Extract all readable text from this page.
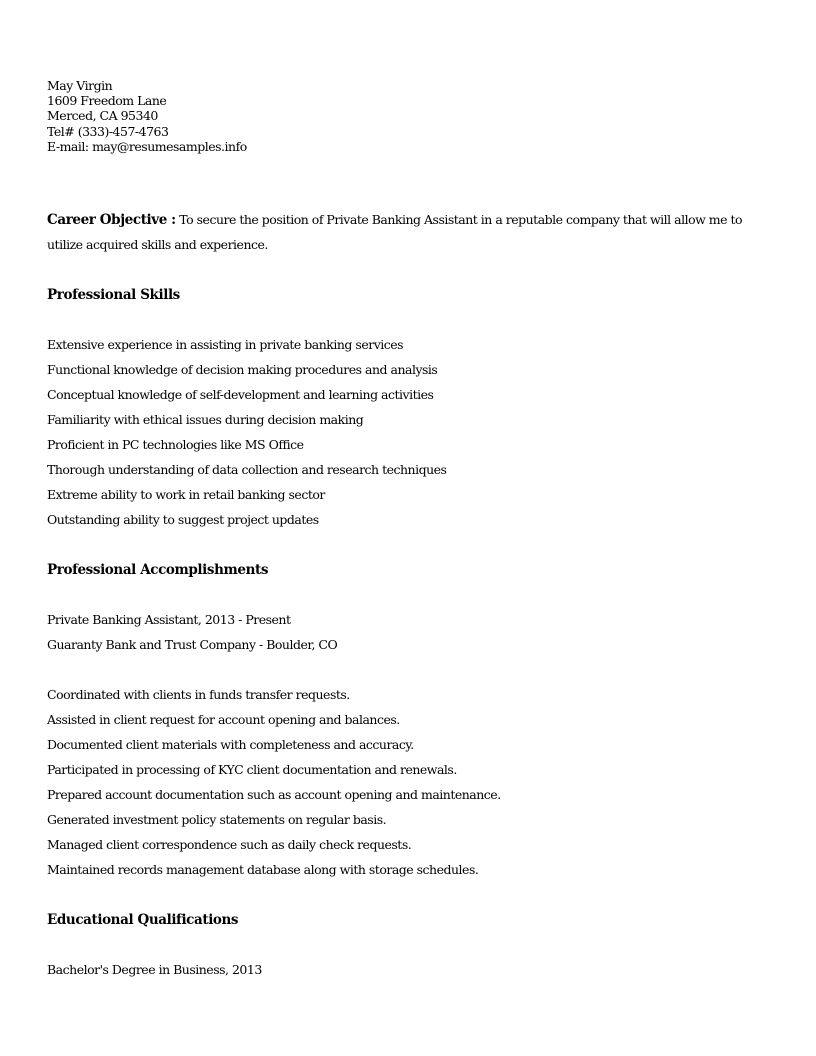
May Virgin
1609 Freedom Lane
Merced, CA 95340
Tel# (333)-457-4763
E-mail: may@resumesamples.info
Career Objective : To secure the position of Private Banking Assistant in a reputable company that will allow me to
utilize acquired skills and experience.
Professional Skills
Extensive experience in assisting in private banking services
Functional knowledge of decision making procedures and analysis
Conceptual knowledge of self-development and learning activities
Familiarity with ethical issues during decision making
Proficient in PC technologies like MS Office
Thorough understanding of data collection and research techniques
Extreme ability to work in retail banking sector
Outstanding ability to suggest project updates
Professional Accomplishments
Private Banking Assistant, 2013 - Present
Guaranty Bank and Trust Company - Boulder, CO
Coordinated with clients in funds transfer requests.
Assisted in client request for account opening and balances.
Documented client materials with completeness and accuracy.
Participated in processing of KYC client documentation and renewals.
Prepared account documentation such as account opening and maintenance.
Generated investment policy statements on regular basis.
Managed client correspondence such as daily check requests.
Maintained records management database along with storage schedules.
Educational Qualifications
Bachelor's Degree in Business, 2013
